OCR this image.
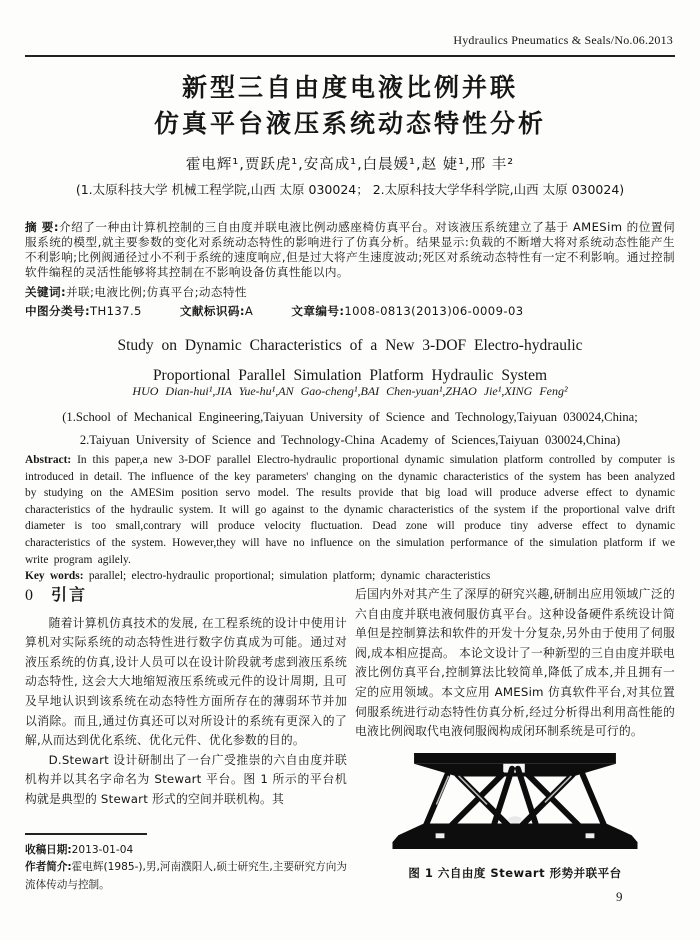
Hydraulics Pneumatics & Seals/No.06.2013
新型三自由度电液比例并联
仿真平台液压系统动态特性分析
霍电辉¹,贾跃虎¹,安高成¹,白晨媛¹,赵 婕¹,邢 丰²
(1.太原科技大学 机械工程学院,山西 太原 030024； 2.太原科技大学华科学院,山西 太原 030024)

摘 要:介绍了一种由计算机控制的三自由度并联电液比例动感座椅仿真平台。对该液压系统建立了基于 AMESim 的位置伺服系统的模型,就主要参数的变化对系统动态特性的影响进行了仿真分析。结果显示:负载的不断增大将对系统动态性能产生不利影响;比例阀通径过小不利于系统的速度响应,但是过大将产生速度波动;死区对系统动态特性有一定不利影响。通过控制软件编程的灵活性能够将其控制在不影响设备仿真性能以内。

关键词:并联;电液比例;仿真平台;动态特性
中图分类号:TH137.5	文献标识码:A	文章编号:1008-0813(2013)06-0009-03
Study on Dynamic Characteristics of a New 3-DOF Electro-hydraulic
Proportional Parallel Simulation Platform Hydraulic System
HUO Dian-hui¹,JIA Yue-hu¹,AN Gao-cheng¹,BAI Chen-yuan¹,ZHAO Jie¹,XING Feng²
(1.School of Mechanical Engineering,Taiyuan University of Science and Technology,Taiyuan 030024,China;
2.Taiyuan University of Science and Technology-China Academy of Sciences,Taiyuan 030024,China)

Abstract: In this paper,a new 3-DOF parallel Electro-hydraulic proportional dynamic simulation platform controlled by computer is introduced in detail. The influence of the key parameters' changing on the dynamic characteristics of the system has been analyzed by studying on the AMESim position servo model. The results provide that big load will produce adverse effect to dynamic characteristics of the hydraulic system. It will go against to the dynamic characteristics of the system if the proportional valve drift diameter is too small,contrary will produce velocity fluctuation. Dead zone will produce tiny adverse effect to dynamic characteristics of the system. However,they will have no influence on the simulation performance of the simulation platform if we write program agilely.

Key words: parallel; electro-hydraulic proportional; simulation platform; dynamic characteristics

0 引言

随着计算机仿真技术的发展, 在工程系统的设计中使用计算机对实际系统的动态特性进行数字仿真成为可能。通过对液压系统的仿真,设计人员可以在设计阶段就考虑到液压系统动态特性, 这会大大地缩短液压系统或元件的设计周期, 且可及早地认识到该系统在动态特性方面所存在的薄弱环节并加以消除。而且,通过仿真还可以对所设计的系统有更深入的了解,从而达到优化系统、优化元件、优化参数的目的。

D.Stewart 设计研制出了一台广受推崇的六自由度并联机构并以其名字命名为 Stewart 平台。图 1 所示的平台机构就是典型的 Stewart 形式的空间并联机构。其

后国内外对其产生了深厚的研究兴趣,研制出应用领域广泛的六自由度并联电液伺服仿真平台。这种设备硬件系统设计简单但是控制算法和软件的开发十分复杂,另外由于使用了伺服阀,成本相应提高。 本论文设计了一种新型的三自由度并联电液比例仿真平台,控制算法比较简单,降低了成本,并且拥有一定的应用领域。本文应用 AMESim 仿真软件平台,对其位置伺服系统进行动态特性仿真分析,经过分析得出利用高性能的电液比例阀取代电液伺服阀构成闭环制系统是可行的。

图 1 六自由度 Stewart 形势并联平台
收稿日期:2013-01-04
作者简介:霍电辉(1985-),男,河南濮阳人,硕士研究生,主要研究方向为流体传动与控制。
9
